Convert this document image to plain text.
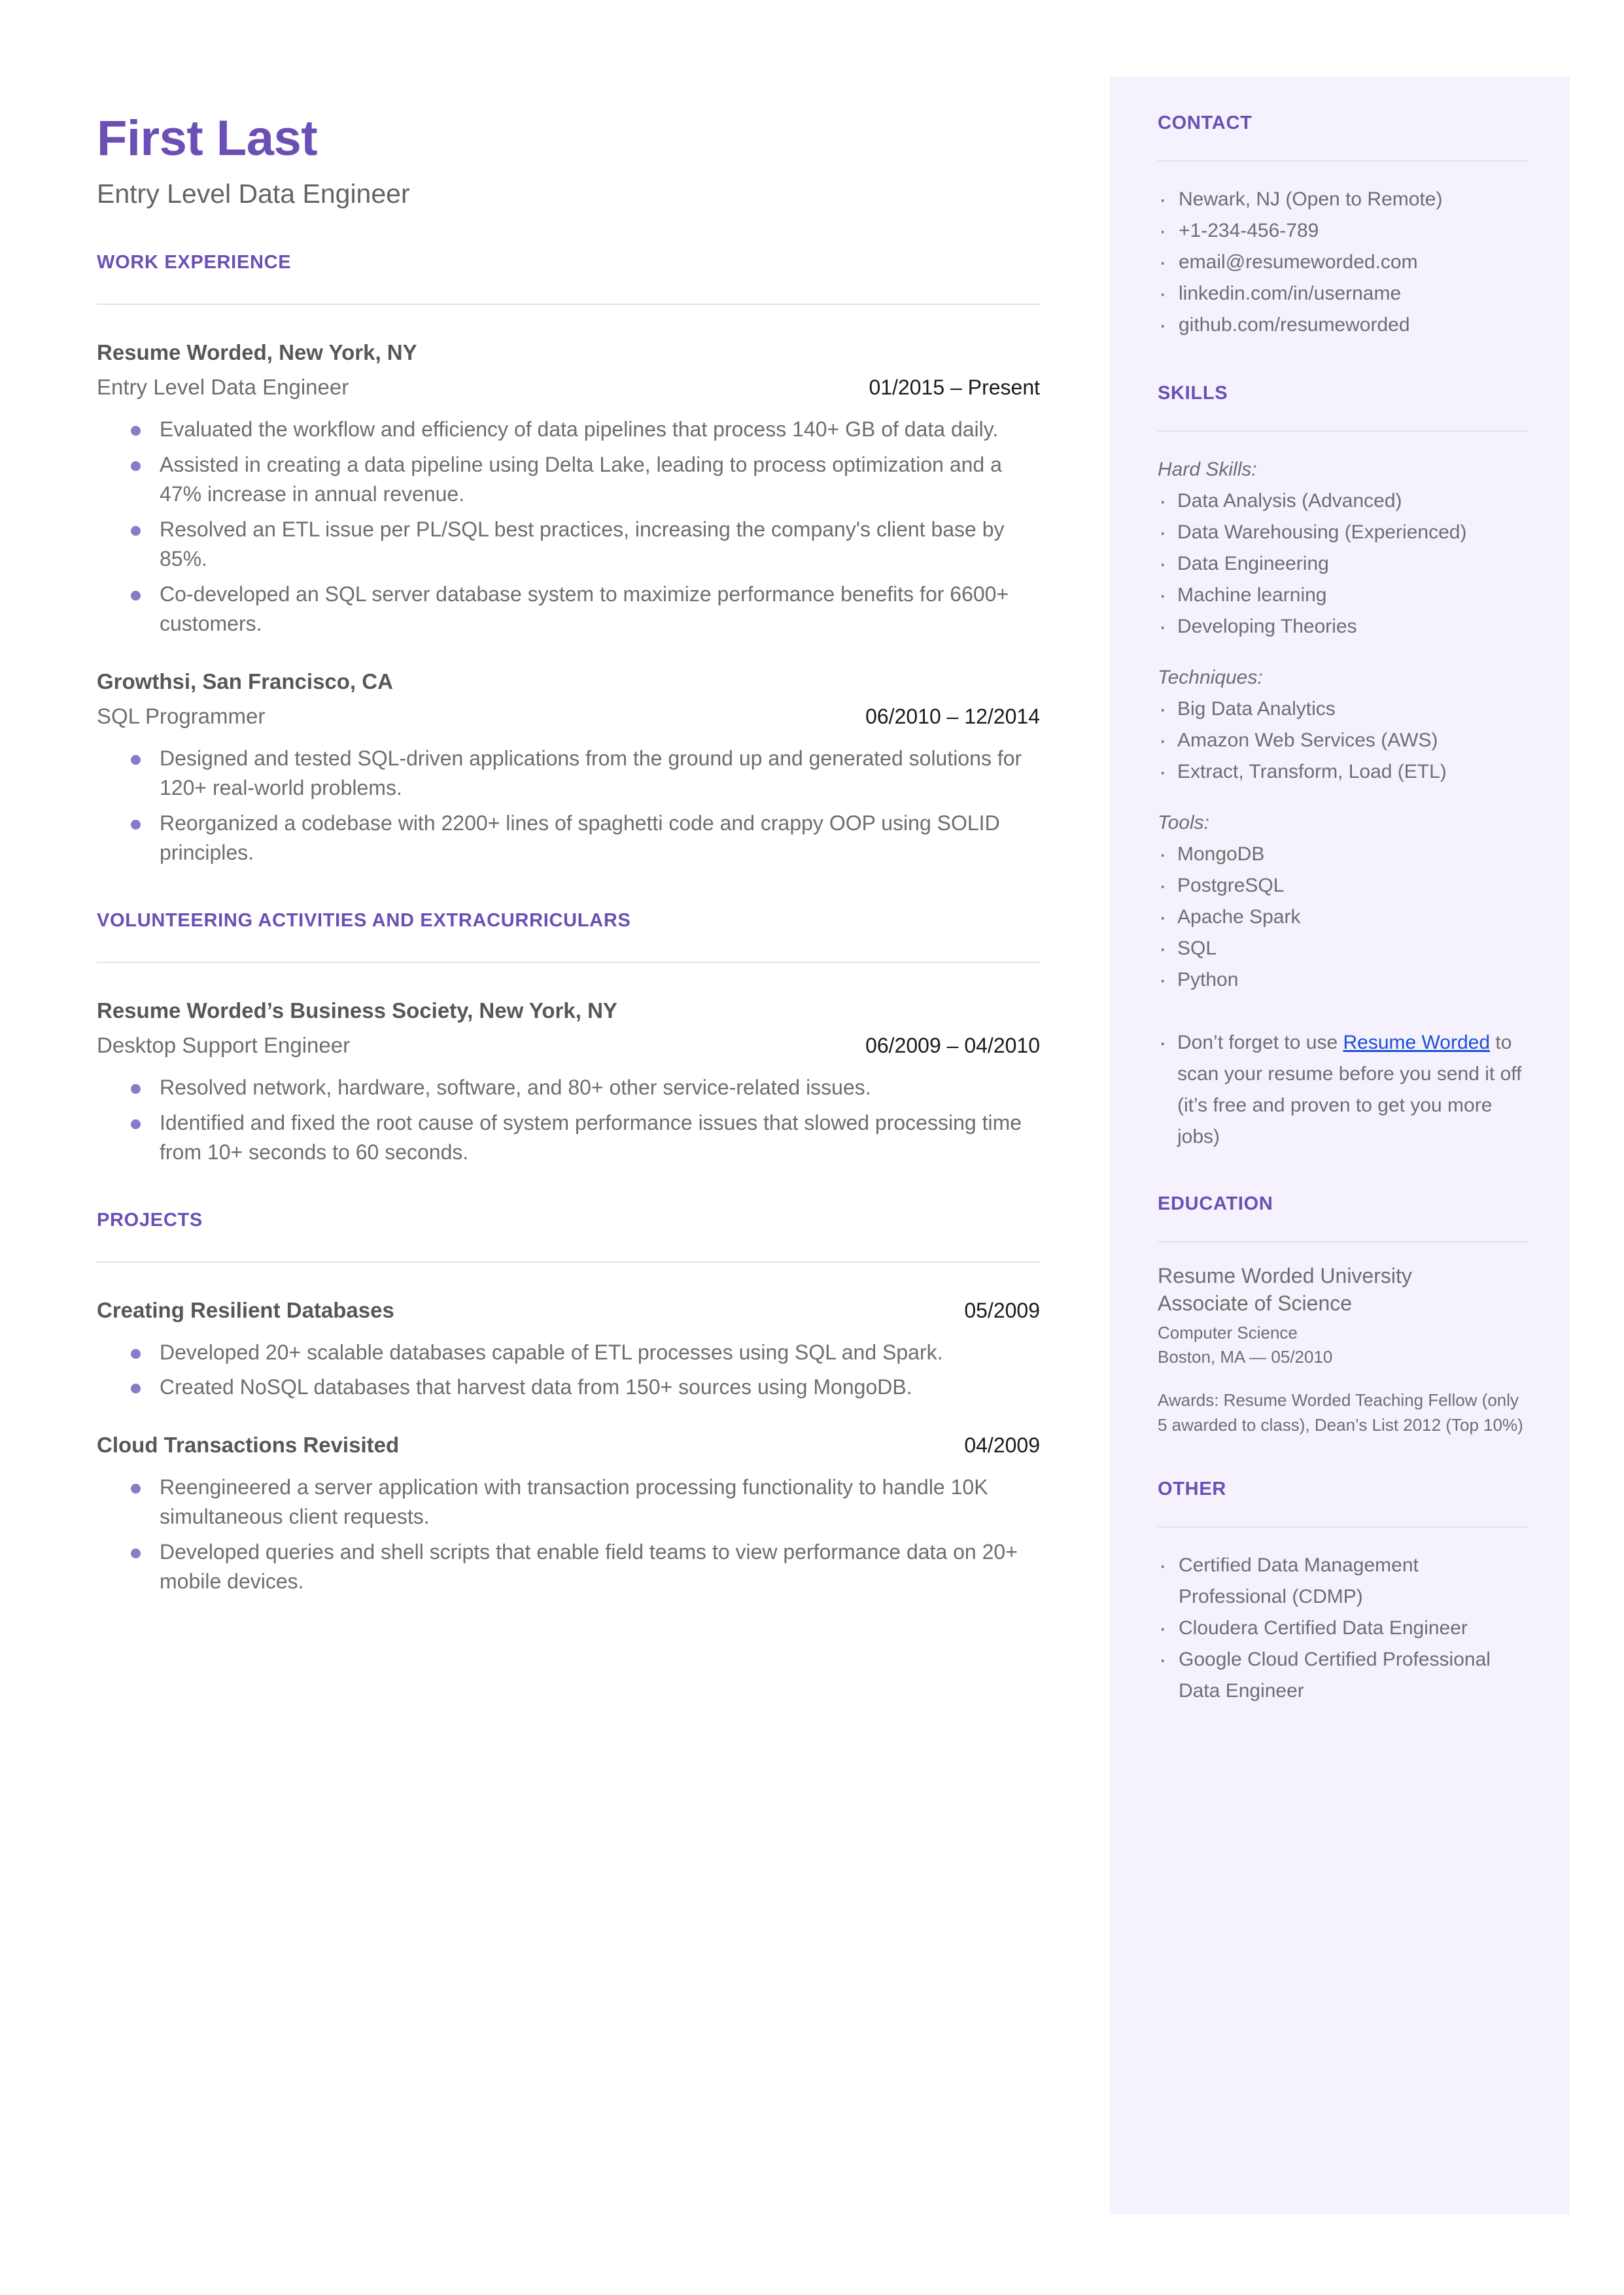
First Last
Entry Level Data Engineer
WORK EXPERIENCE
Resume Worded, New York, NY
Entry Level Data Engineer	01/2015 – Present
Evaluated the workflow and efficiency of data pipelines that process 140+ GB of data daily.
Assisted in creating a data pipeline using Delta Lake, leading to process optimization and a 47% increase in annual revenue.
Resolved an ETL issue per PL/SQL best practices, increasing the company's client base by 85%.
Co-developed an SQL server database system to maximize performance benefits for 6600+ customers.
Growthsi, San Francisco, CA
SQL Programmer	06/2010 – 12/2014
Designed and tested SQL-driven applications from the ground up and generated solutions for 120+ real-world problems.
Reorganized a codebase with 2200+ lines of spaghetti code and crappy OOP using SOLID principles.
VOLUNTEERING ACTIVITIES AND EXTRACURRICULARS
Resume Worded’s Business Society, New York, NY
Desktop Support Engineer	06/2009 – 04/2010
Resolved network, hardware, software, and 80+ other service-related issues.
Identified and fixed the root cause of system performance issues that slowed processing time from 10+ seconds to 60 seconds.
PROJECTS
Creating Resilient Databases	05/2009
Developed 20+ scalable databases capable of ETL processes using SQL and Spark.
Created NoSQL databases that harvest data from 150+ sources using MongoDB.
Cloud Transactions Revisited	04/2009
Reengineered a server application with transaction processing functionality to handle 10K simultaneous client requests.
Developed queries and shell scripts that enable field teams to view performance data on 20+ mobile devices.
CONTACT
· Newark, NJ (Open to Remote)
· +1-234-456-789
· email@resumeworded.com
· linkedin.com/in/username
· github.com/resumeworded
SKILLS
Hard Skills:
· Data Analysis (Advanced)
· Data Warehousing (Experienced)
· Data Engineering
· Machine learning
· Developing Theories
Techniques:
· Big Data Analytics
· Amazon Web Services (AWS)
· Extract, Transform, Load (ETL)
Tools:
· MongoDB
· PostgreSQL
· Apache Spark
· SQL
· Python
· Don’t forget to use Resume Worded to scan your resume before you send it off (it’s free and proven to get you more jobs)
EDUCATION
Resume Worded University
Associate of Science
Computer Science
Boston, MA — 05/2010
Awards: Resume Worded Teaching Fellow (only 5 awarded to class), Dean’s List 2012 (Top 10%)
OTHER
· Certified Data Management Professional (CDMP)
· Cloudera Certified Data Engineer
· Google Cloud Certified Professional Data Engineer
